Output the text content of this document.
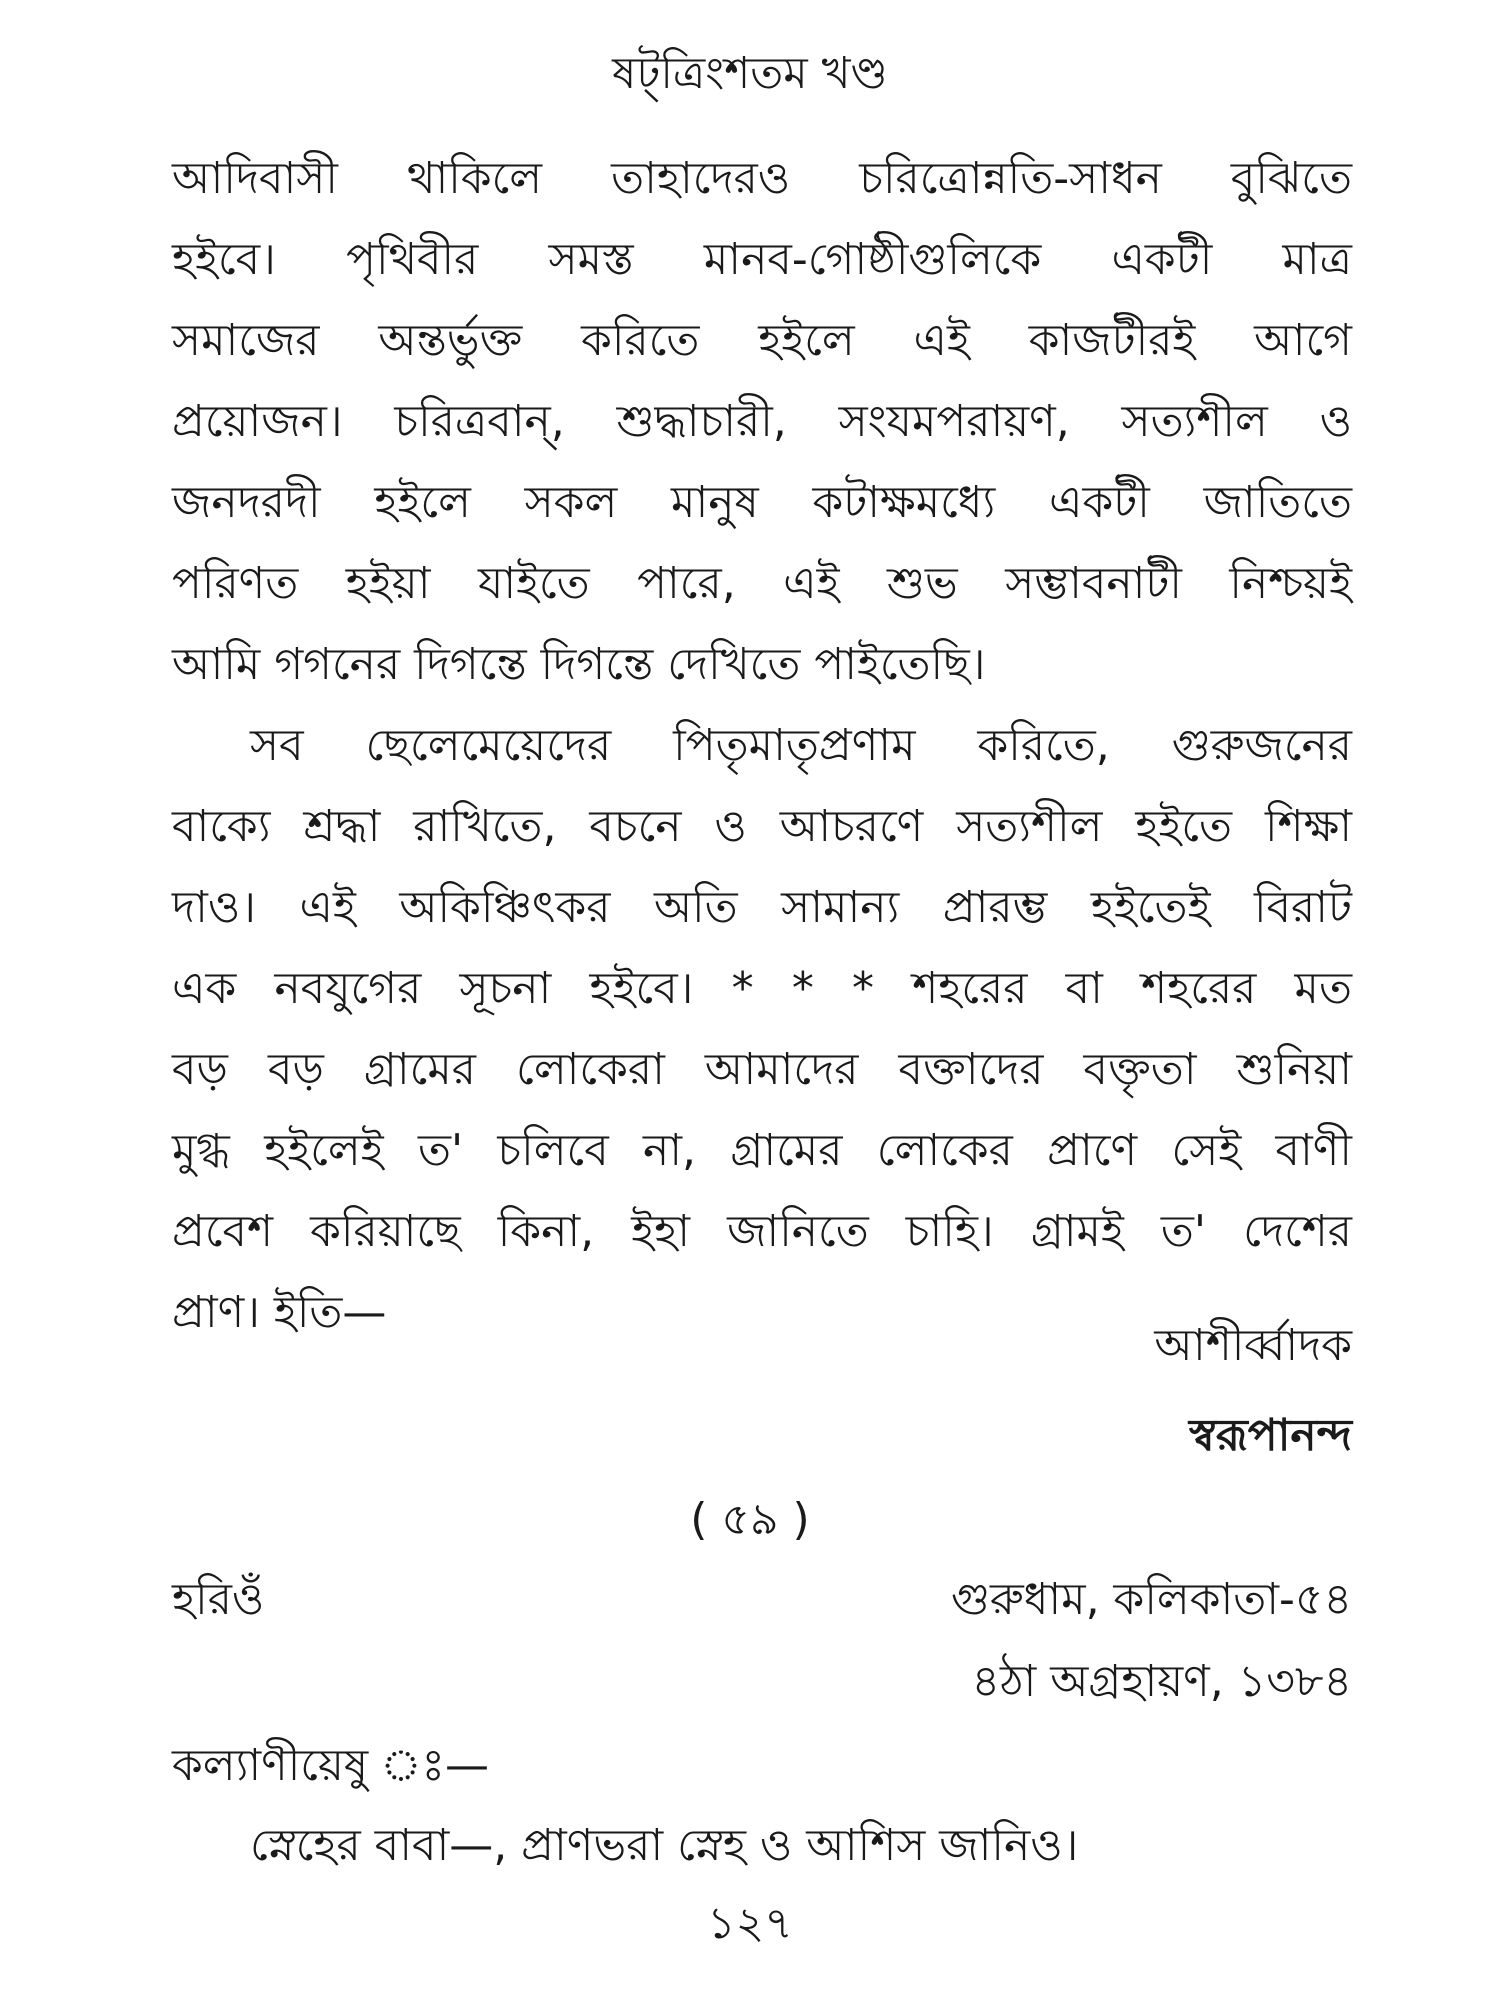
ষট্‌ত্রিংশতম খণ্ড
আদিবাসী থাকিলে তাহাদেরও চরিত্রোন্নতি-সাধন বুঝিতে
হইবে। পৃথিবীর সমস্ত মানব-গোষ্ঠীগুলিকে একটী মাত্র
সমাজের অন্তর্ভুক্ত করিতে হইলে এই কাজটীরই আগে
প্রয়োজন। চরিত্রবান্‌, শুদ্ধাচারী, সংযমপরায়ণ, সত্যশীল ও
জনদরদী হইলে সকল মানুষ কটাক্ষমধ্যে একটী জাতিতে
পরিণত হইয়া যাইতে পারে, এই শুভ সম্ভাবনাটী নিশ্চয়ই
আমি গগনের দিগন্তে দিগন্তে দেখিতে পাইতেছি।
সব ছেলেমেয়েদের পিতৃমাতৃপ্রণাম করিতে, গুরুজনের
বাক্যে শ্রদ্ধা রাখিতে, বচনে ও আচরণে সত্যশীল হইতে শিক্ষা
দাও। এই অকিঞ্চিৎকর অতি সামান্য প্রারম্ভ হইতেই বিরাট
এক নবযুগের সূচনা হইবে। * * * শহরের বা শহরের মত
বড় বড় গ্রামের লোকেরা আমাদের বক্তাদের বক্তৃতা শুনিয়া
মুগ্ধ হইলেই ত' চলিবে না, গ্রামের লোকের প্রাণে সেই বাণী
প্রবেশ করিয়াছে কিনা, ইহা জানিতে চাহি। গ্রামই ত' দেশের
প্রাণ। ইতি—
আশীর্ব্বাদক
স্বরূপানন্দ
( ৫৯ )
হরিওঁ	গুরুধাম, কলিকাতা-৫৪
৪ঠা অগ্রহায়ণ, ১৩৮৪
কল্যাণীয়েষু ঃ—
স্নেহের বাবা—, প্রাণভরা স্নেহ ও আশিস জানিও।
১২৭
